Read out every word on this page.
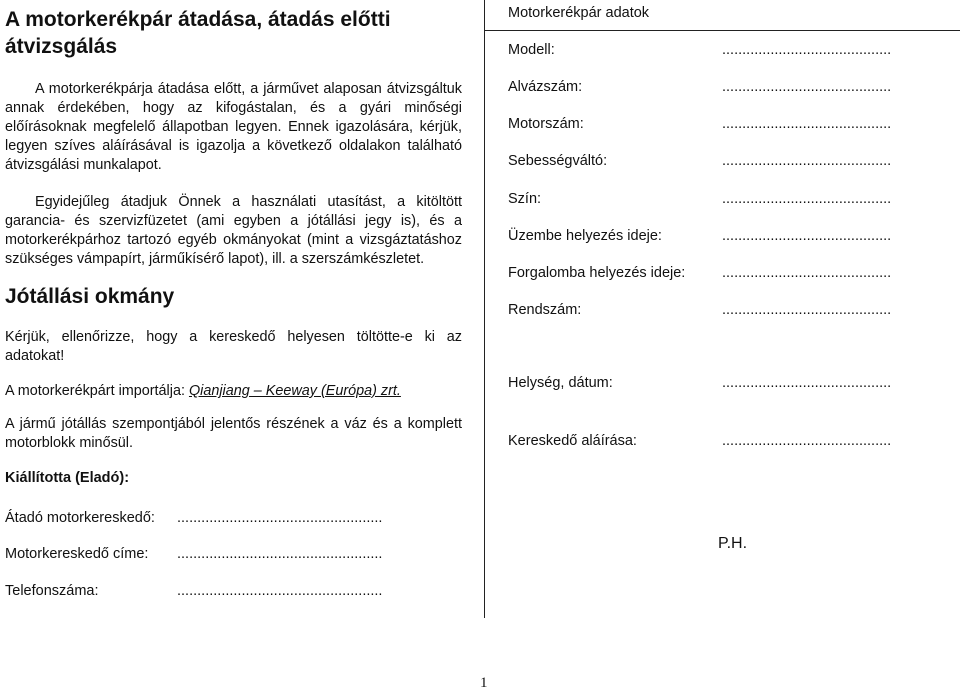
A motorkerékpár átadása, átadás előtti
átvizsgálás
A motorkerékpárja átadása előtt, a járművet alaposan átvizsgáltuk annak érdekében, hogy az kifogástalan, és a gyári minőségi előírásoknak megfelelő állapotban legyen. Ennek igazolására, kérjük, legyen szíves aláírásával is igazolja a következő oldalakon található átvizsgálási munkalapot.
Egyidejűleg átadjuk Önnek a használati utasítást, a kitöltött garancia- és szervizfüzetet (ami egyben a jótállási jegy is), és a motorkerékpárhoz tartozó egyéb okmányokat (mint a vizsgáztatáshoz szükséges vámpapírt, járműkísérő lapot), ill. a szerszámkészletet.
Jótállási okmány
Kérjük, ellenőrizze, hogy a kereskedő helyesen töltötte-e ki az adatokat!
A motorkerékpárt importálja: Qianjiang – Keeway (Európa) zrt.
A jármű jótállás szempontjából jelentős részének a váz és a komplett motorblokk minősül.
Kiállította (Eladó):
Átadó motorkereskedő: ...................................................
Motorkereskedő címe: ...................................................
Telefonszáma:	...................................................
Motorkerékpár adatok
Modell:	..........................................
Alvázszám:	..........................................
Motorszám:	..........................................
Sebességváltó:	..........................................
Szín:	..........................................
Üzembe helyezés ideje:	..........................................
Forgalomba helyezés ideje:	..........................................
Rendszám:	..........................................
Helység, dátum:	..........................................
Kereskedő aláírása:	..........................................
P.H.
1
